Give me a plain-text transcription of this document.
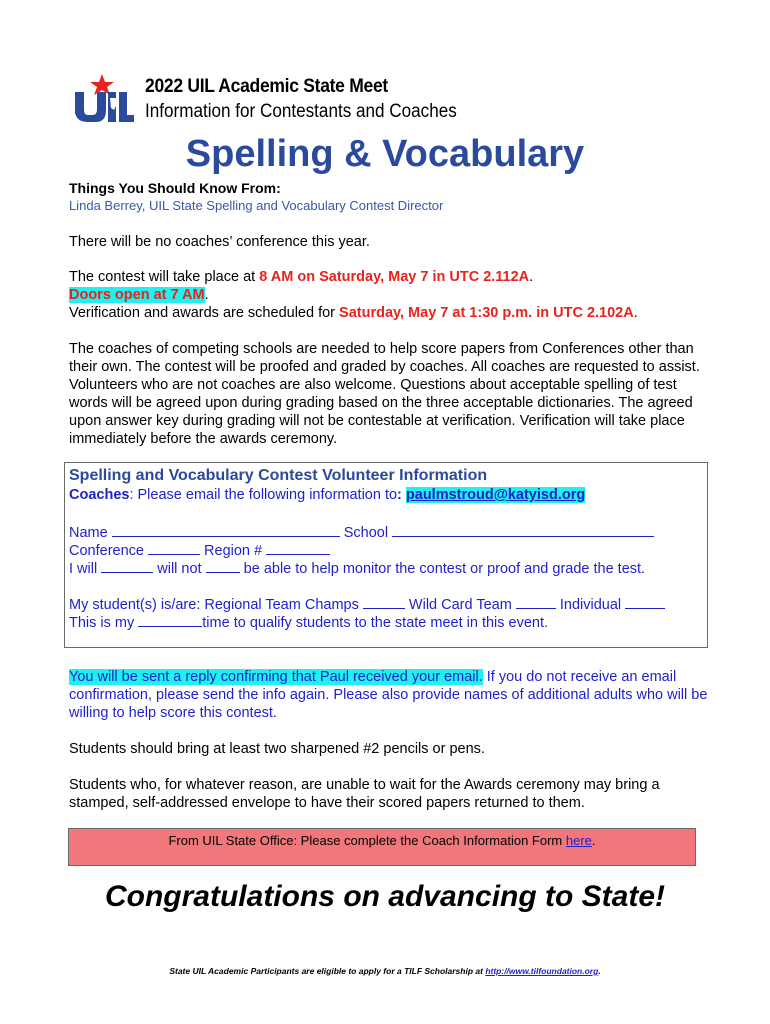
2022 UIL Academic State Meet
Information for Contestants and Coaches
Spelling & Vocabulary
Things You Should Know From:
Linda Berrey, UIL State Spelling and Vocabulary Contest Director
There will be no coaches’ conference this year.
The contest will take place at 8 AM on Saturday, May 7 in UTC 2.112A.
Doors open at 7 AM.
Verification and awards are scheduled for Saturday, May 7 at 1:30 p.m. in UTC 2.102A.
The coaches of competing schools are needed to help score papers from Conferences other than their own. The contest will be proofed and graded by coaches. All coaches are requested to assist. Volunteers who are not coaches are also welcome. Questions about acceptable spelling of test words will be agreed upon during grading based on the three acceptable dictionaries. The agreed upon answer key during grading will not be contestable at verification. Verification will take place immediately before the awards ceremony.
Spelling and Vocabulary Contest Volunteer Information
Coaches: Please email the following information to: paulmstroud@katyisd.org
Name	School
Conference	Region #
I will	will not	be able to help monitor the contest or proof and grade the test.
My student(s) is/are: Regional Team Champs	Wild Card Team	Individual
This is my	time to qualify students to the state meet in this event.
You will be sent a reply confirming that Paul received your email. If you do not receive an email confirmation, please send the info again. Please also provide names of additional adults who will be willing to help score this contest.
Students should bring at least two sharpened #2 pencils or pens.
Students who, for whatever reason, are unable to wait for the Awards ceremony may bring a stamped, self-addressed envelope to have their scored papers returned to them.
From UIL State Office: Please complete the Coach Information Form here.
Congratulations on advancing to State!
State UIL Academic Participants are eligible to apply for a TILF Scholarship at http://www.tilfoundation.org.
